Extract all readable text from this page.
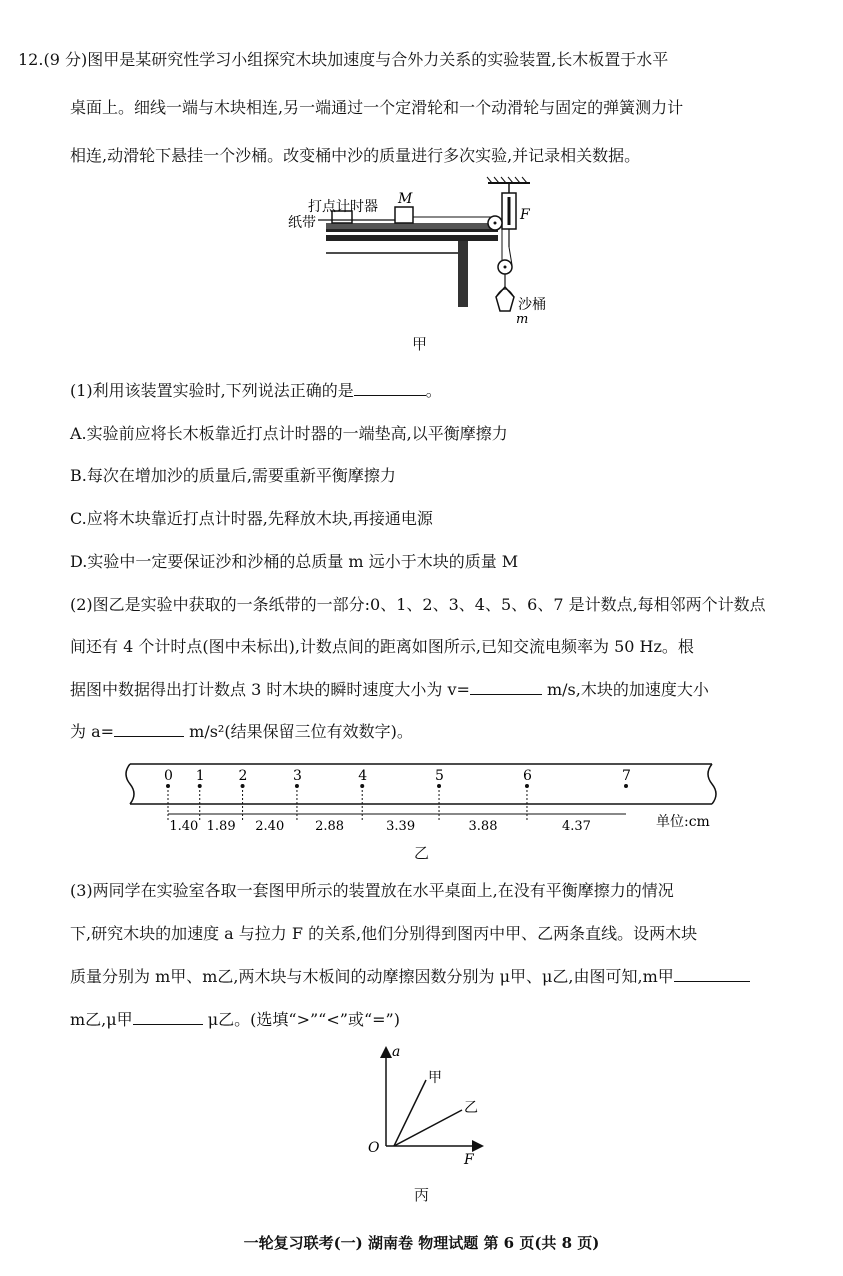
12.(9 分)图甲是某研究性学习小组探究木块加速度与合外力关系的实验装置,长木板置于水平
桌面上。细线一端与木块相连,另一端通过一个定滑轮和一个动滑轮与固定的弹簧测力计
相连,动滑轮下悬挂一个沙桶。改变桶中沙的质量进行多次实验,并记录相关数据。
打点计时器
纸带
M
F
沙桶
m
甲
(1)利用该装置实验时,下列说法正确的是	。
A.实验前应将长木板靠近打点计时器的一端垫高,以平衡摩擦力
B.每次在增加沙的质量后,需要重新平衡摩擦力
C.应将木块靠近打点计时器,先释放木块,再接通电源
D.实验中一定要保证沙和沙桶的总质量 m 远小于木块的质量 M
(2)图乙是实验中获取的一条纸带的一部分:0、1、2、3、4、5、6、7 是计数点,每相邻两个计数点
间还有 4 个计时点(图中未标出),计数点间的距离如图所示,已知交流电频率为 50 Hz。根
据图中数据得出打计数点 3 时木块的瞬时速度大小为 v=	m/s,木块的加速度大小
为 a=	m/s²(结果保留三位有效数字)。
单位:cm
0 1 2	3	4	5	6	7
1.40 1.89 2.40 2.88	3.39	3.88	4.37
乙
(3)两同学在实验室各取一套图甲所示的装置放在水平桌面上,在没有平衡摩擦力的情况
下,研究木块的加速度 a 与拉力 F 的关系,他们分别得到图丙中甲、乙两条直线。设两木块
质量分别为 m甲、m乙,两木块与木板间的动摩擦因数分别为 μ甲、μ乙,由图可知,m甲
m乙,μ甲	μ乙。(选填“>”“<”或“=”)
a
F
O
甲
乙
丙
一轮复习联考(一) 湖南卷 物理试题 第 6 页(共 8 页)
